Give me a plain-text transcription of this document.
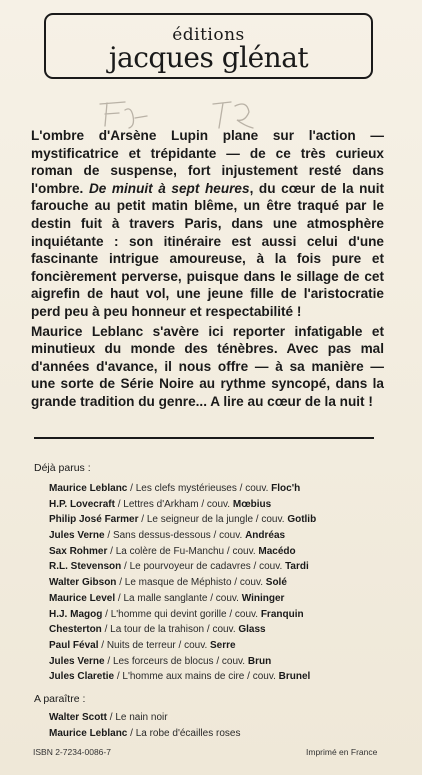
éditions
jacques glénat

L'ombre d'Arsène Lupin plane sur l'action — mystificatrice et trépidante — de ce très curieux roman de suspense, fort injustement resté dans l'ombre. De minuit à sept heures, du cœur de la nuit farouche au petit matin blême, un être traqué par le destin fuit à travers Paris, dans une atmosphère inquiétante : son itinéraire est aussi celui d'une fascinante intrigue amoureuse, à la fois pure et foncièrement perverse, puisque dans le sillage de cet aigrefin de haut vol, une jeune fille de l'aristocratie perd peu à peu honneur et respectabilité !

Maurice Leblanc s'avère ici reporter infatigable et minutieux du monde des ténèbres. Avec pas mal d'années d'avance, il nous offre — à sa manière — une sorte de Série Noire au rythme syncopé, dans la grande tradition du genre... A lire au cœur de la nuit !

Déjà parus :
Maurice Leblanc / Les clefs mystérieuses / couv. Floc'h
H.P. Lovecraft / Lettres d'Arkham / couv. Mœbius
Philip José Farmer / Le seigneur de la jungle / couv. Gotlib
Jules Verne / Sans dessus-dessous / couv. Andréas
Sax Rohmer / La colère de Fu-Manchu / couv. Macédo
R.L. Stevenson / Le pourvoyeur de cadavres / couv. Tardi
Walter Gibson / Le masque de Méphisto / couv. Solé
Maurice Level / La malle sanglante / couv. Wininger
H.J. Magog / L'homme qui devint gorille / couv. Franquin
Chesterton / La tour de la trahison / couv. Glass
Paul Féval / Nuits de terreur / couv. Serre
Jules Verne / Les forceurs de blocus / couv. Brun
Jules Claretie / L'homme aux mains de cire / couv. Brunel
A paraître :
Walter Scott / Le nain noir
Maurice Leblanc / La robe d'écailles roses
ISBN 2-7234-0086-7	Imprimé en France
